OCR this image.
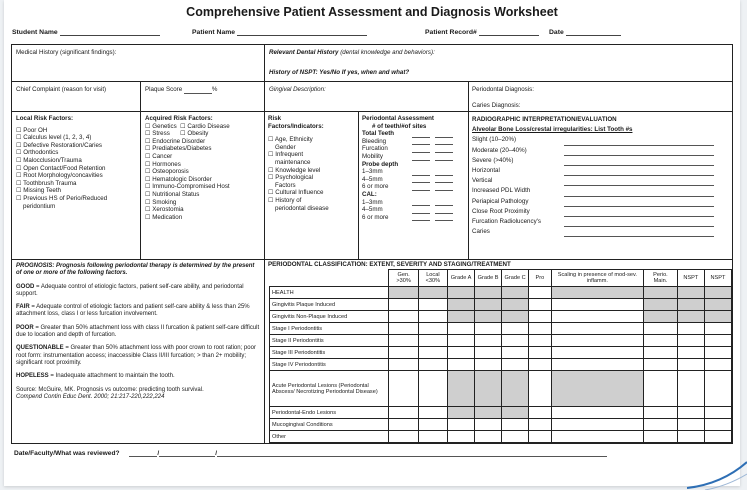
Comprehensive Patient Assessment and Diagnosis Worksheet
Student Name	Patient Name	Patient Record#	Date
Medical History (significant findings):	Relevant Dental History (dental knowledge and behaviors):
History of NSPT: Yes/No If yes, when and what?
Chief Complaint (reason for visit)	Plaque Score	%	Gingival Description:	Periodontal Diagnosis:
Caries Diagnosis:
Local Risk Factors:
☐ Poor OH
☐ Calculus level (1, 2, 3, 4)
☐ Defective Restoration/Caries
☐ Orthodontics
☐ Malocclusion/Trauma
☐ Open Contact/Food Retention
☐ Root Morphology/concavities
☐ Toothbrush Trauma
☐ Missing Teeth
☐ Previous HS of Perio/Reduced
peridontium
Acquired Risk Factors:
☐ Genetics ☐ Cardio Disease
☐ Stress ☐ Obesity
☐ Endocrine Disorder
☐ Prediabetes/Diabetes
☐ Cancer
☐ Hormones
☐ Osteoporosis
☐ Hematologic Disorder
☐ Immuno-Compromised Host
☐ Nutritional Status
☐ Smoking
☐ Xerostomia
☐ Medication
Risk
Factors/Indicators:
☐ Age, Ethnicity
Gender
☐ Infrequent
maintenance
☐ Knowledge level
☐ Psychological
Factors
☐ Cultural Influence
☐ History of
periodontal disease
Periodontal Assessment
# of teeth/#of sites
Total Teeth
Bleeding
Furcation
Mobility
Probe depth
1–3mm
4–5mm
6 or more
CAL:
1–3mm
4–5mm
6 or more
RADIOGRAPHIC INTERPRETATION/EVALUATION
Alveolar Bone Loss/crestal irregularities: List Tooth #s
Slight (10–20%)
Moderate (20–40%)
Severe (>40%)
Horizontal
Vertical
Increased PDL Width
Periapical Pathology
Close Root Proximity
Furcation Radiolucency's
Caries
PROGNOSIS: Prognosis following periodontal therapy is determined by the present of one or more of the following factors.
GOOD = Adequate control of etiologic factors, patient self-care ability, and periodontal support.
FAIR = Adequate control of etiologic factors and patient self-care ability & less than 25% attachment loss, class I or less furcation involvement.
POOR = Greater than 50% attachment loss with class II furcation & patient self-care difficult due to location and depth of furcation.
QUESTIONABLE = Greater than 50% attachment loss with poor crown to root ration; poor root form: instrumentation access; inaccessible Class II/III furcation; > than 2+ mobility; significant root proximity.
HOPELESS = Inadequate attachment to maintain the tooth.
Source: McGuire, MK. Prognosis vs outcome: predicting tooth survival.
Compend Contin Educ Dent. 2000; 21:217-220,222,224
PERIODONTAL CLASSIFICATION: EXTENT, SEVERITY AND STAGING/TREATMENT
	Gen. >30%	Local <30%	Grade A	Grade B	Grade C	Pro	Scaling in presence of mod-sev. inflamm.	Perio. Main.	NSPT	NSPT
HEALTH										
Gingivitis Plaque Induced										
Gingivitis Non-Plaque Induced										
Stage I Periodontitis										
Stage II Periodontitis										
Stage III Periodontitis										
Stage IV Periodontitis										
Acute Periodontal Lesions (Periodontal Abscess/ Necrotizing Periodontal Disease)										
Periodontal-Endo Lesions										
Mucogingival Conditions										
Other										
Date/Faculty/What was reviewed?	/	/
